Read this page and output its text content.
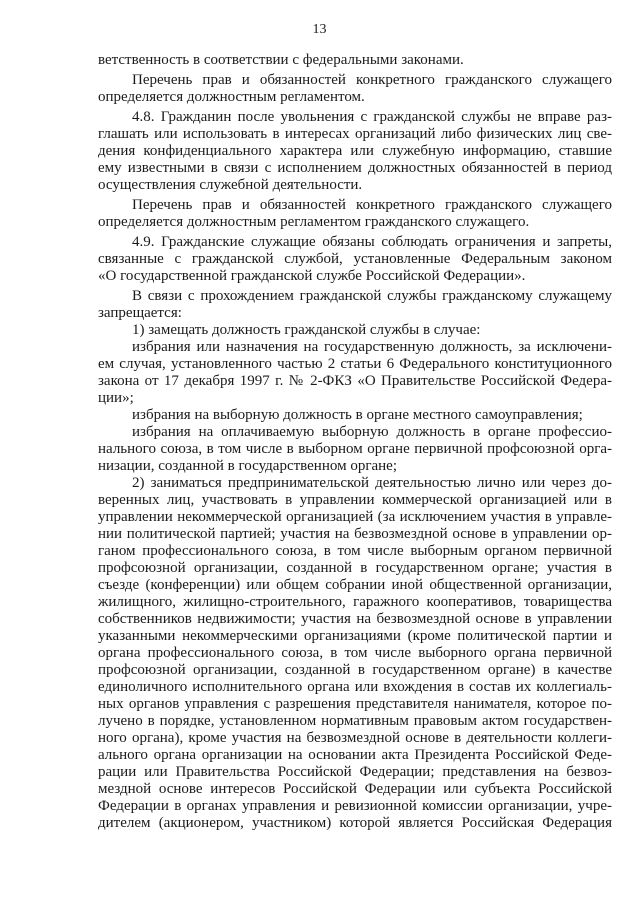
13
ветственность в соответствии с федеральными законами.
Перечень прав и обязанностей конкретного гражданского служащего
определяется должностным регламентом.
4.8. Гражданин после увольнения с гражданской службы не вправе раз-
глашать или использовать в интересах организаций либо физических лиц све-
дения конфиденциального характера или служебную информацию, ставшие
ему известными в связи с исполнением должностных обязанностей в период
осуществления служебной деятельности.
Перечень прав и обязанностей конкретного гражданского служащего
определяется должностным регламентом гражданского служащего.
4.9. Гражданские служащие обязаны соблюдать ограничения и запреты,
связанные с гражданской службой, установленные Федеральным законом
«О государственной гражданской службе Российской Федерации».
В связи с прохождением гражданской службы гражданскому служащему
запрещается:
1) замещать должность гражданской службы в случае:
избрания или назначения на государственную должность, за исключени-
ем случая, установленного частью 2 статьи 6 Федерального конституционного
закона от 17 декабря 1997 г. № 2-ФКЗ «О Правительстве Российской Федера-
ции»;
избрания на выборную должность в органе местного самоуправления;
избрания на оплачиваемую выборную должность в органе профессио-
нального союза, в том числе в выборном органе первичной профсоюзной орга-
низации, созданной в государственном органе;
2) заниматься предпринимательской деятельностью лично или через до-
веренных лиц, участвовать в управлении коммерческой организацией или в
управлении некоммерческой организацией (за исключением участия в управле-
нии политической партией; участия на безвозмездной основе в управлении ор-
ганом профессионального союза, в том числе выборным органом первичной
профсоюзной организации, созданной в государственном органе; участия в
съезде (конференции) или общем собрании иной общественной организации,
жилищного, жилищно-строительного, гаражного кооперативов, товарищества
собственников недвижимости; участия на безвозмездной основе в управлении
указанными некоммерческими организациями (кроме политической партии и
органа профессионального союза, в том числе выборного органа первичной
профсоюзной организации, созданной в государственном органе) в качестве
единоличного исполнительного органа или вхождения в состав их коллегиаль-
ных органов управления с разрешения представителя нанимателя, которое по-
лучено в порядке, установленном нормативным правовым актом государствен-
ного органа), кроме участия на безвозмездной основе в деятельности коллеги-
ального органа организации на основании акта Президента Российской Феде-
рации или Правительства Российской Федерации; представления на безвоз-
мездной основе интересов Российской Федерации или субъекта Российской
Федерации в органах управления и ревизионной комиссии организации, учре-
дителем (акционером, участником) которой является Российская Федерация
